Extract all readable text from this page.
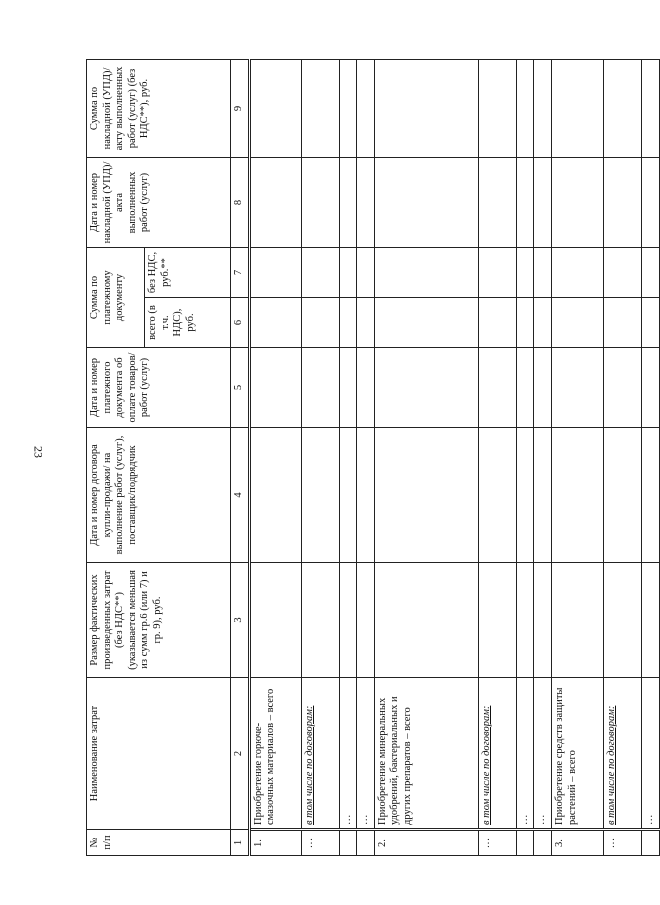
23
№ п/п	Наименование затрат	Размер фактических произведенных затрат (без НДС**) (указывается меньшая из сумм гр.6 (или 7) и гр. 9), руб.	Дата и номер договора купли-продажи/ на выполнение работ (услуг), поставщик/подрядчик	Дата и номер платежного документа об оплате товаров/работ (услуг)	Сумма по платежному документу		Дата и номер накладной (УПД)/акта выполненных работ (услуг)	Сумма по накладной (УПД)/акту выполненных работ (услуг) (без НДС**), руб.
					всего (в т.ч. НДС), руб.	без НДС, руб.**		
1	2	3	4	5	6	7	8	9
1.	Приобретение горюче-смазочных материалов – всего							
…	в том числе по договорам:							
	…							
	…							
2.	Приобретение минеральных удобрений, бактериальных и других препаратов – всего							
…	в том числе по договорам:							
	…							
	…							
3.	Приобретение средств защиты растений – всего							
…	в том числе по договорам:							
	…							
